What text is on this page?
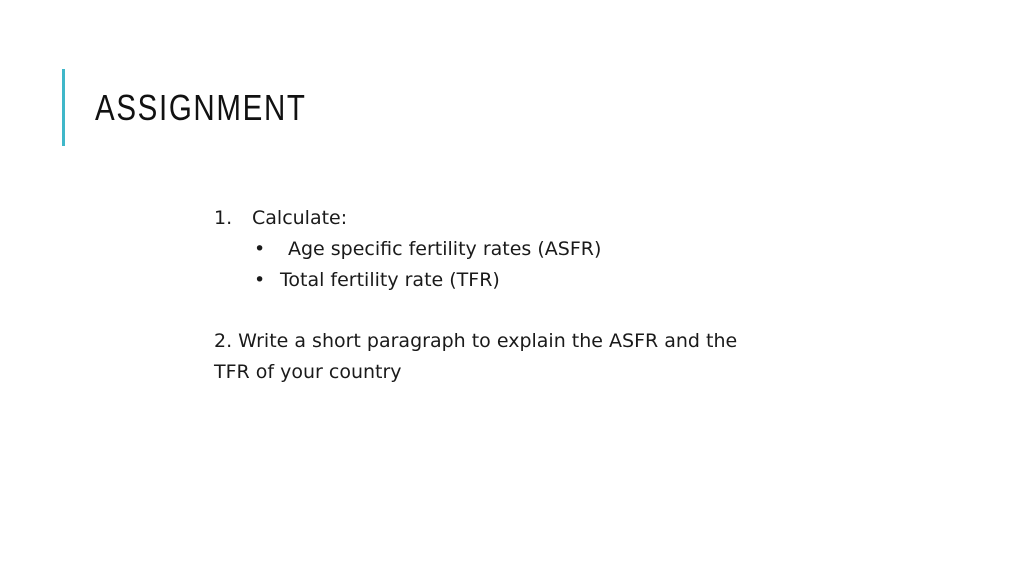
ASSIGNMENT
1. Calculate:
• Age specific fertility rates (ASFR)
• Total fertility rate (TFR)
2. Write a short paragraph to explain the ASFR and the
TFR of your country
